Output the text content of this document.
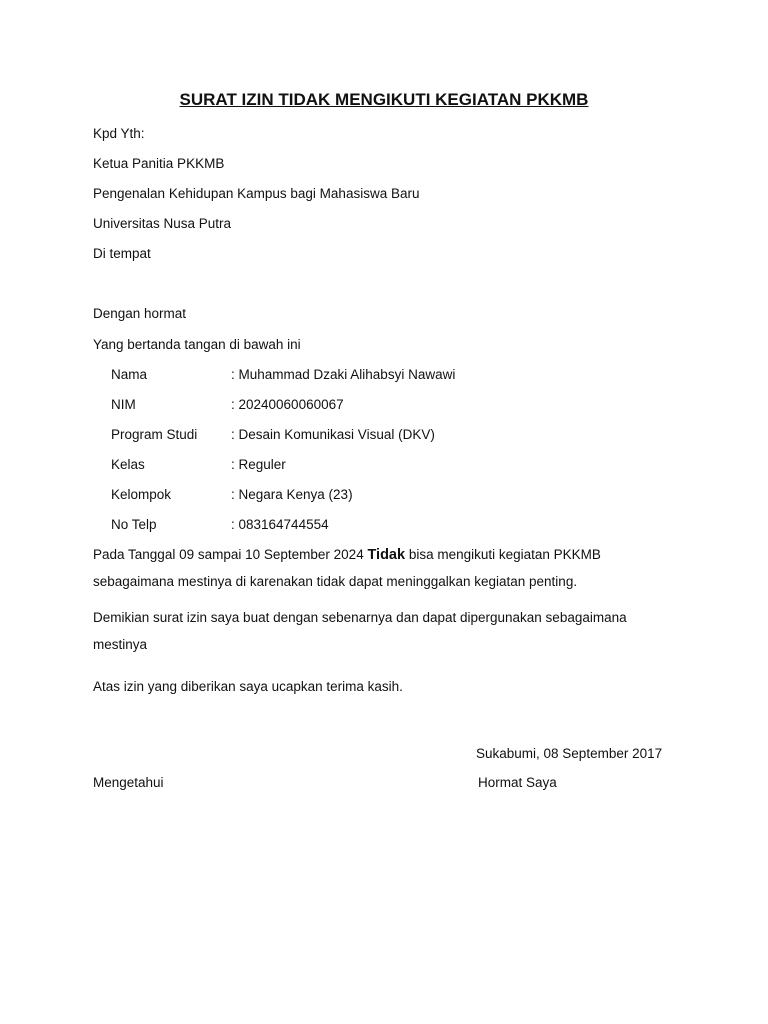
SURAT IZIN TIDAK MENGIKUTI KEGIATAN PKKMB
Kpd Yth:
Ketua Panitia PKKMB
Pengenalan Kehidupan Kampus bagi Mahasiswa Baru
Universitas Nusa Putra
Di tempat
Dengan hormat
Yang bertanda tangan di bawah ini
Nama	: Muhammad Dzaki Alihabsyi Nawawi
NIM	: 20240060060067
Program Studi : Desain Komunikasi Visual (DKV)
Kelas	: Reguler
Kelompok	: Negara Kenya (23)
No Telp	: 083164744554
Pada Tanggal 09 sampai 10 September 2024 Tidak bisa mengikuti kegiatan PKKMB
sebagaimana mestinya di karenakan tidak dapat meninggalkan kegiatan penting.
Demikian surat izin saya buat dengan sebenarnya dan dapat dipergunakan sebagaimana
mestinya
Atas izin yang diberikan saya ucapkan terima kasih.
Sukabumi, 08 September 2017
Mengetahui	Hormat Saya
